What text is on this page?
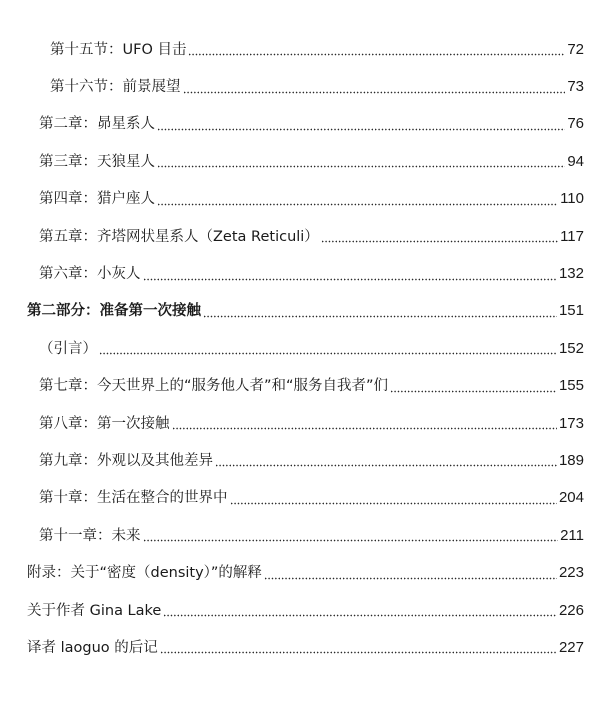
第十五节：UFO 目击	72
第十六节：前景展望	73
第二章：昴星系人	76
第三章：天狼星人	94
第四章：猎户座人	110
第五章：齐塔网状星系人（Zeta Reticuli）	117
第六章：小灰人	132
第二部分：准备第一次接触	151
（引言）	152
第七章：今天世界上的“服务他人者”和“服务自我者”们	155
第八章：第一次接触	173
第九章：外观以及其他差异	189
第十章：生活在整合的世界中	204
第十一章：未来	211
附录：关于“密度（density）”的解释	223
关于作者 Gina Lake	226
译者 laoguo 的后记	227
